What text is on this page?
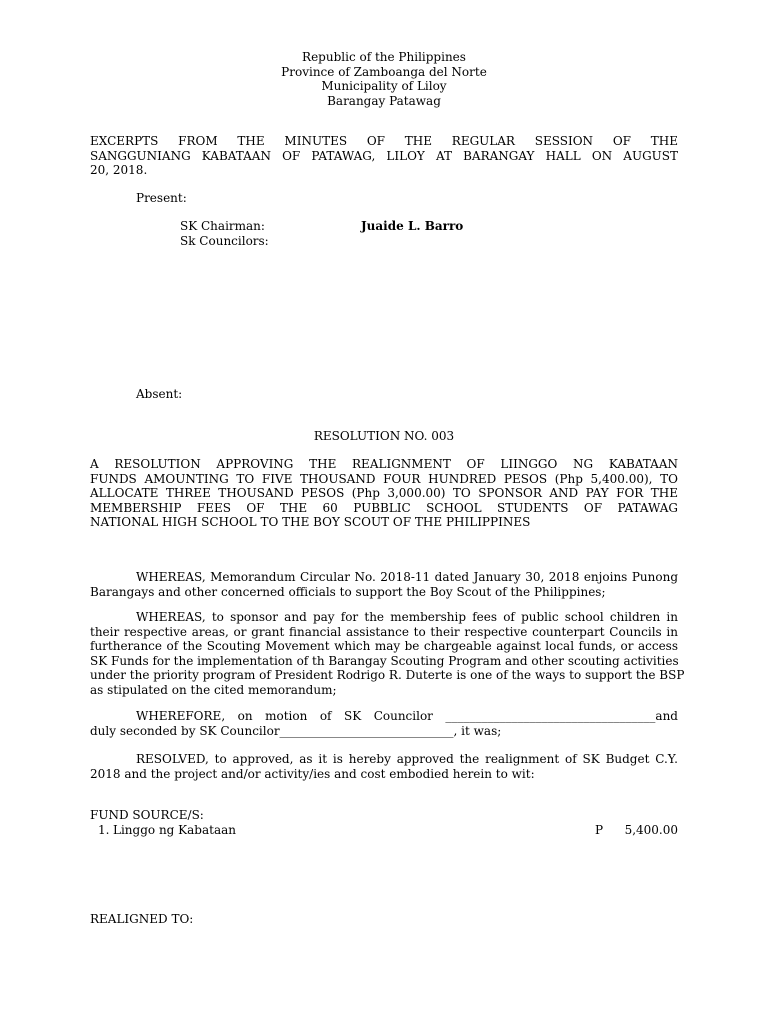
Republic of the Philippines
Province of Zamboanga del Norte
Municipality of Liloy
Barangay Patawag
EXCERPTS FROM THE MINUTES OF THE REGULAR SESSION OF THE
SANGGUNIANG KABATAAN OF PATAWAG, LILOY AT BARANGAY HALL ON AUGUST
20, 2018.
Present:
SK Chairman:	Juaide L. Barro
Sk Councilors:
Absent:
RESOLUTION NO. 003
A RESOLUTION APPROVING THE REALIGNMENT OF LIINGGO NG KABATAAN
FUNDS AMOUNTING TO FIVE THOUSAND FOUR HUNDRED PESOS (Php 5,400.00), TO
ALLOCATE THREE THOUSAND PESOS (Php 3,000.00) TO SPONSOR AND PAY FOR THE
MEMBERSHIP FEES OF THE 60 PUBBLIC SCHOOL STUDENTS OF PATAWAG
NATIONAL HIGH SCHOOL TO THE BOY SCOUT OF THE PHILIPPINES
WHEREAS, Memorandum Circular No. 2018-11 dated January 30, 2018 enjoins Punong
Barangays and other concerned officials to support the Boy Scout of the Philippines;
WHEREAS, to sponsor and pay for the membership fees of public school children in
their respective areas, or grant financial assistance to their respective counterpart Councils in
furtherance of the Scouting Movement which may be chargeable against local funds, or access
SK Funds for the implementation of th Barangay Scouting Program and other scouting activities
under the priority program of President Rodrigo R. Duterte is one of the ways to support the BSP
as stipulated on the cited memorandum;
WHEREFORE, on motion of SK Councilor ___________________________________and
duly seconded by SK Councilor_____________________________, it was;
RESOLVED, to approved, as it is hereby approved the realignment of SK Budget C.Y.
2018 and the project and/or activity/ies and cost embodied herein to wit:
FUND SOURCE/S:
1. Linggo ng Kabataan	P 5,400.00
REALIGNED TO:
